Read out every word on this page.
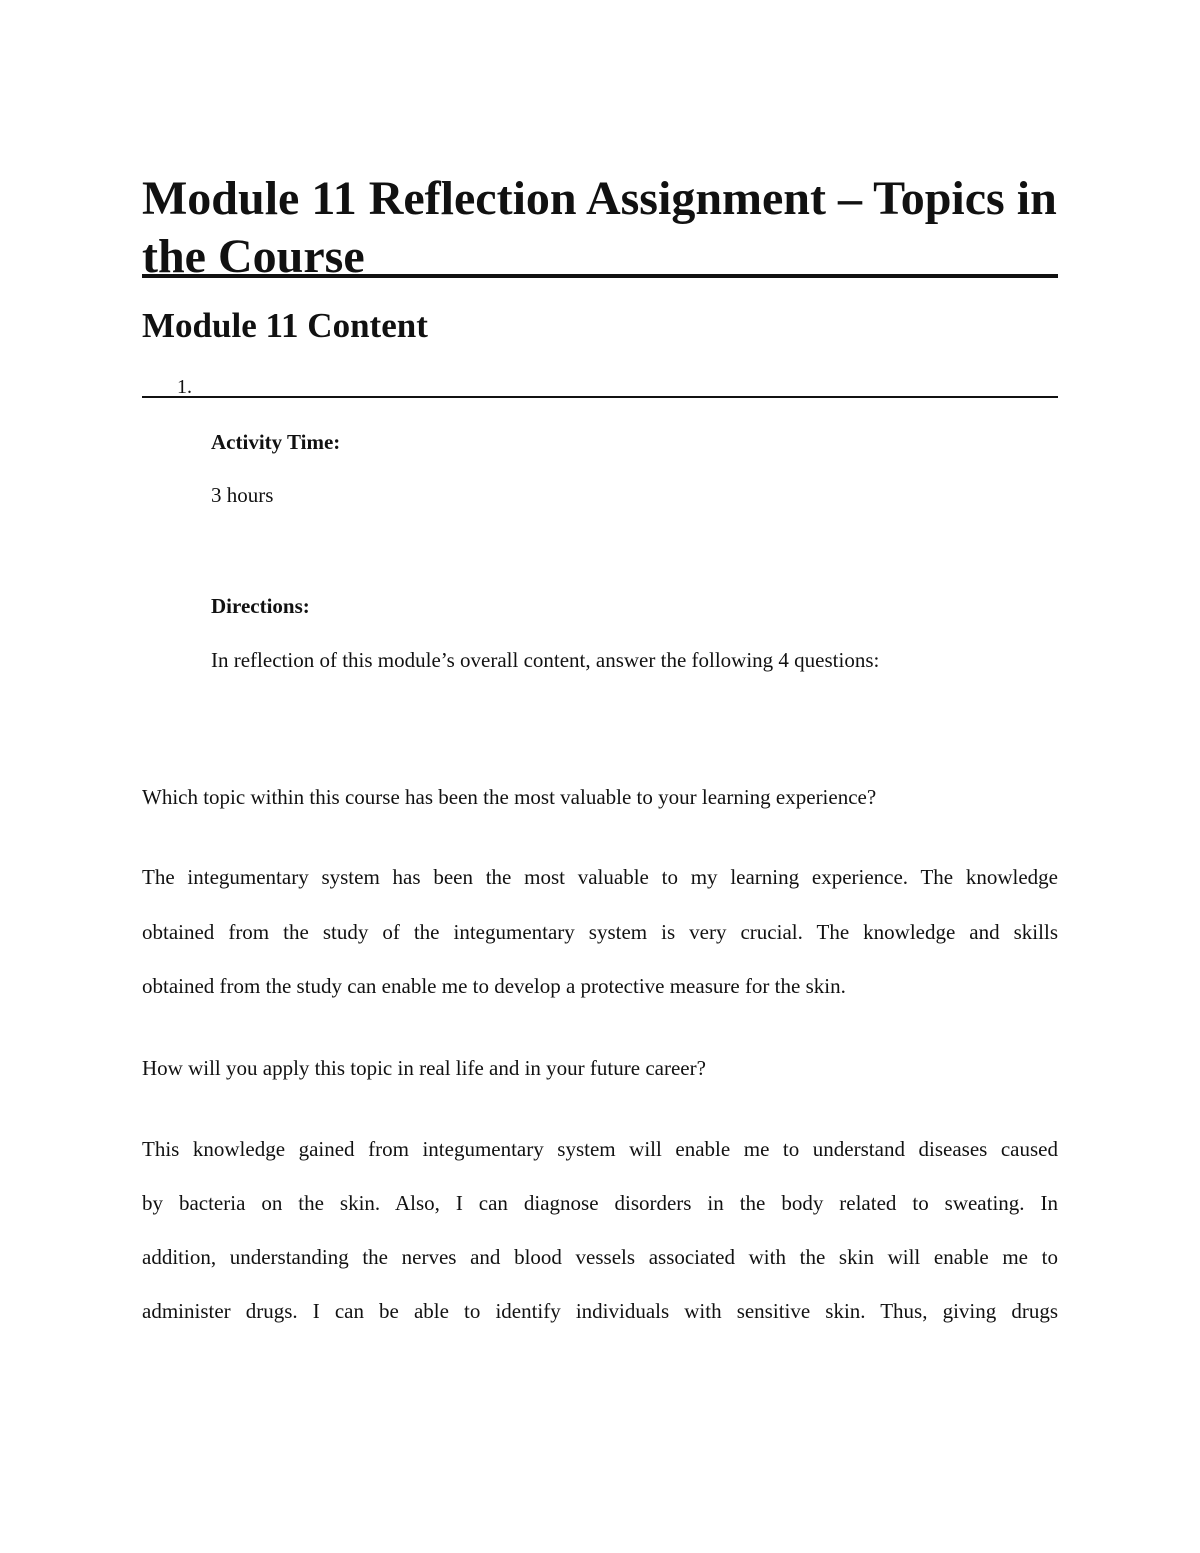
Module 11 Reflection Assignment – Topics in the Course
Module 11 Content
1.
Activity Time:
3 hours
Directions:
In reflection of this module’s overall content, answer the following 4 questions:
Which topic within this course has been the most valuable to your learning experience?
The integumentary system has been the most valuable to my learning experience. The knowledge
obtained from the study of the integumentary system is very crucial. The knowledge and skills
obtained from the study can enable me to develop a protective measure for the skin.
How will you apply this topic in real life and in your future career?
This knowledge gained from integumentary system will enable me to understand diseases caused
by bacteria on the skin. Also, I can diagnose disorders in the body related to sweating. In
addition, understanding the nerves and blood vessels associated with the skin will enable me to
administer drugs. I can be able to identify individuals with sensitive skin. Thus, giving drugs
